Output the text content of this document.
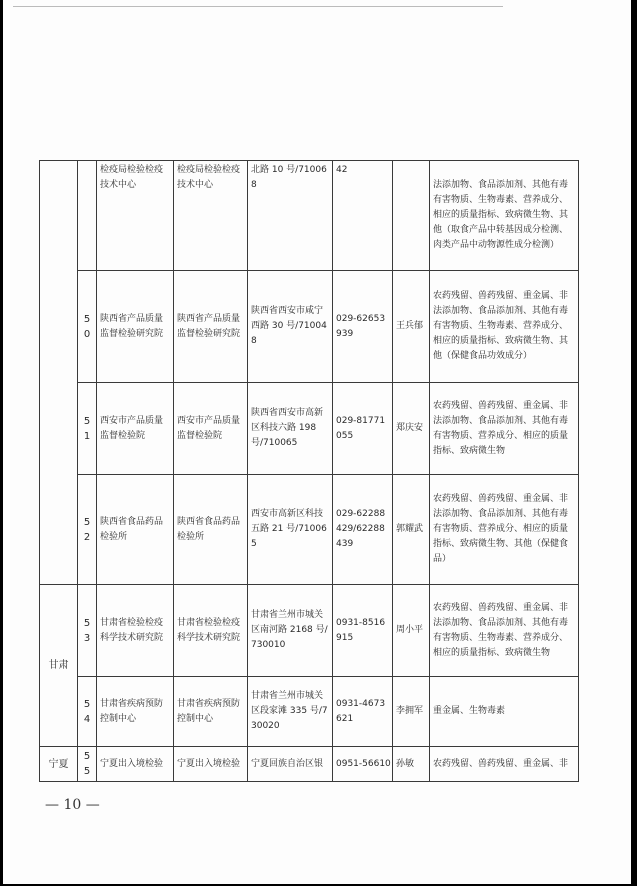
		检疫局检验检疫技术中心	检疫局检验检疫技术中心	北路 10 号/710068	42		法添加物、食品添加剂、其他有毒有害物质、生物毒素、营养成分、相应的质量指标、致病微生物、其他（取食产品中转基因成分检测、肉类产品中动物源性成分检测）
	50	陕西省产品质量监督检验研究院	陕西省产品质量监督检验研究院	陕西省西安市咸宁西路 30 号/710048	029-62653939	王兵郁	农药残留、兽药残留、重金属、非法添加物、食品添加剂、其他有毒有害物质、生物毒素、营养成分、相应的质量指标、致病微生物、其他（保健食品功效成分）
	51	西安市产品质量监督检验院	西安市产品质量监督检验院	陕西省西安市高新区科技六路 198 号/710065	029-81771055	郑庆安	农药残留、兽药残留、重金属、非法添加物、食品添加剂、其他有毒有害物质、营养成分、相应的质量指标、致病微生物
	52	陕西省食品药品检验所	陕西省食品药品检验所	西安市高新区科技五路 21 号/710065	029-62288429/62288439	郭耀武	农药残留、兽药残留、重金属、非法添加物、食品添加剂、其他有毒有害物质、营养成分、相应的质量指标、致病微生物、其他（保健食品）
甘肃	53	甘肃省检验检疫科学技术研究院	甘肃省检验检疫科学技术研究院	甘肃省兰州市城关区南河路 2168 号/730010	0931-8516915	周小平	农药残留、兽药残留、重金属、非法添加物、食品添加剂、其他有毒有害物质、生物毒素、营养成分、相应的质量指标、致病微生物
	54	甘肃省疾病预防控制中心	甘肃省疾病预防控制中心	甘肃省兰州市城关区段家滩 335 号/730020	0931-4673621	李拥军	重金属、生物毒素
宁夏	55	宁夏出入境检验	宁夏出入境检验	宁夏回族自治区银	0951-56610	孙敏	农药残留、兽药残留、重金属、非
— 10 —
